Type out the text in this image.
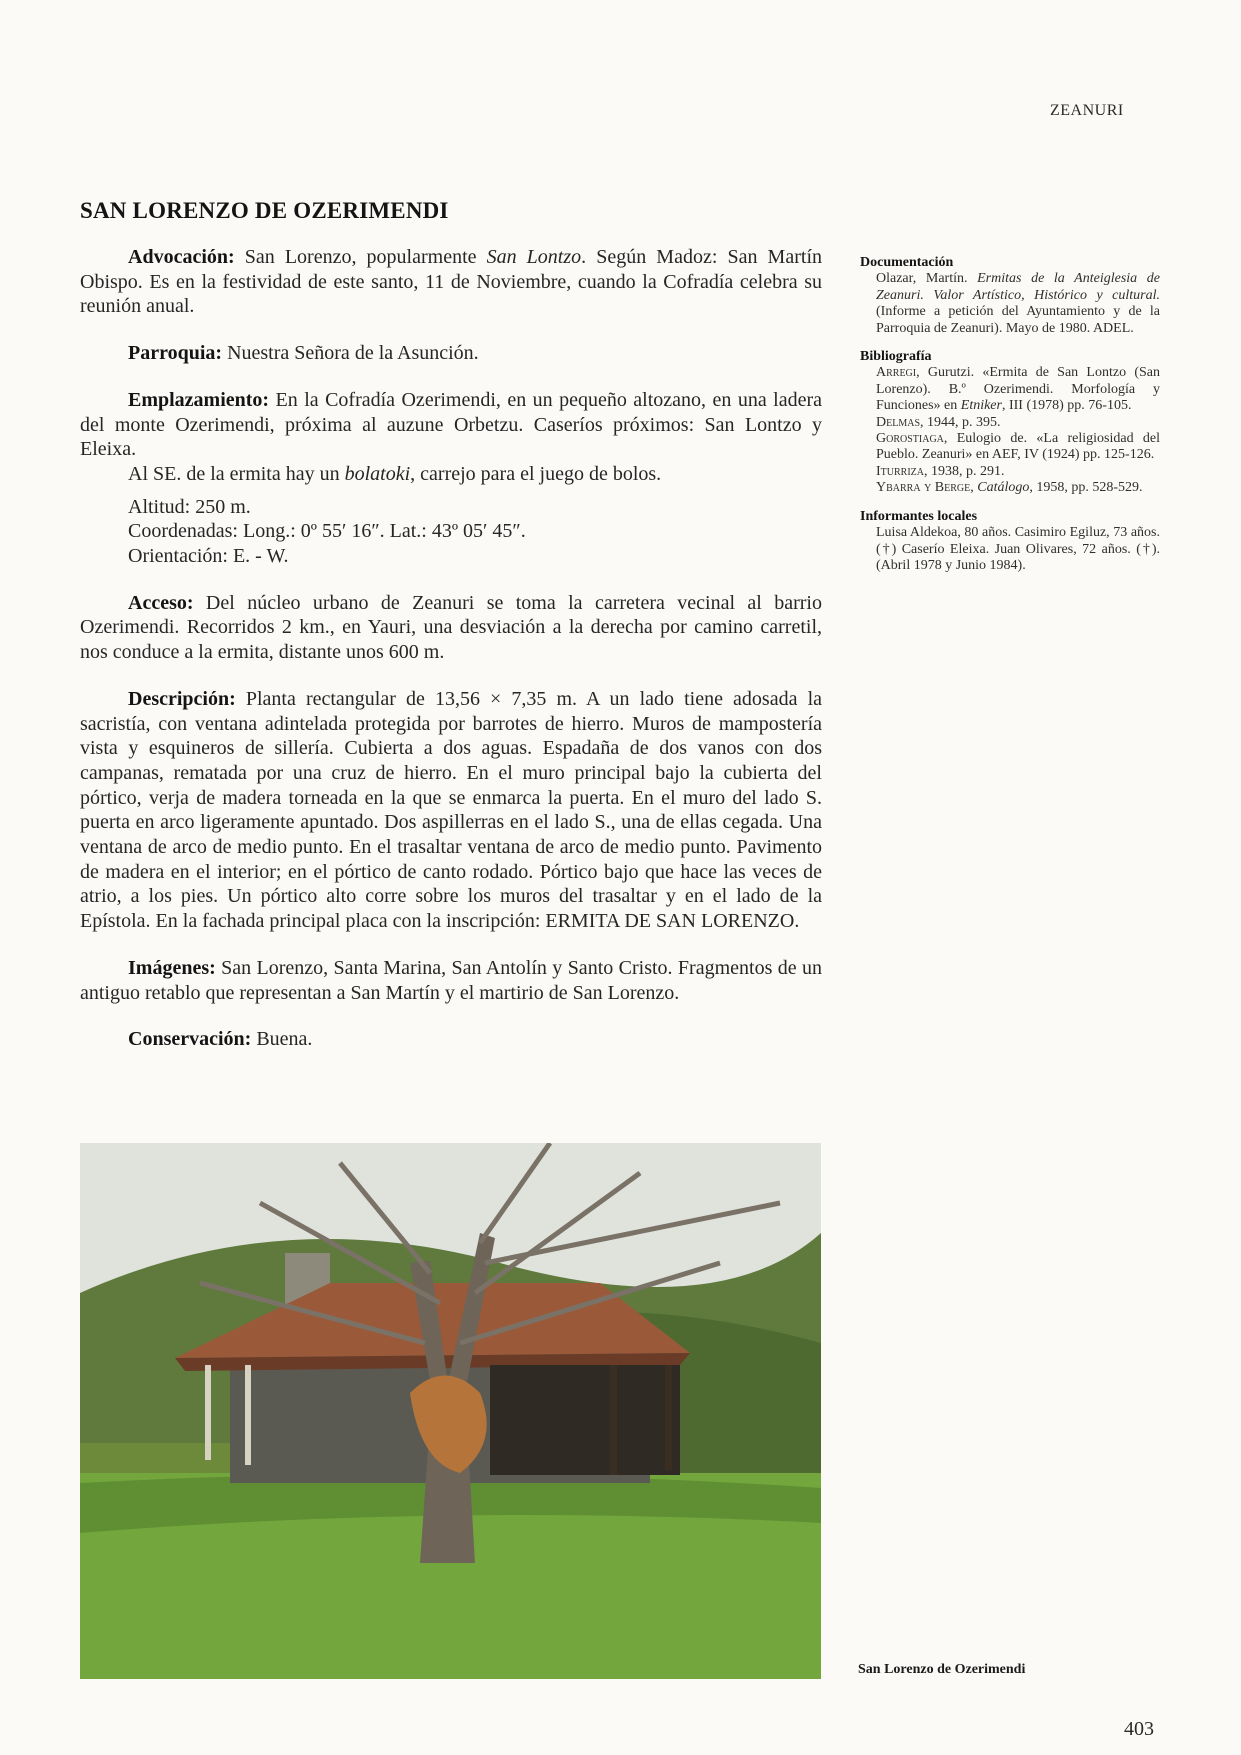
ZEANURI
SAN LORENZO DE OZERIMENDI

Advocación: San Lorenzo, popularmente San Lontzo. Según Madoz: San Martín Obispo. Es en la festividad de este santo, 11 de Noviembre, cuando la Cofradía celebra su reunión anual.

Parroquia: Nuestra Señora de la Asunción.

Emplazamiento: En la Cofradía Ozerimendi, en un pequeño altozano, en una ladera del monte Ozerimendi, próxima al auzune Orbetzu. Caseríos próximos: San Lontzo y Eleixa.

Al SE. de la ermita hay un bolatoki, carrejo para el juego de bolos.

Altitud: 250 m.
Coordenadas: Long.: 0º 55′ 16″. Lat.: 43º 05′ 45″.
Orientación: E. - W.

Acceso: Del núcleo urbano de Zeanuri se toma la carretera vecinal al barrio Ozerimendi. Recorridos 2 km., en Yauri, una desviación a la derecha por camino carretil, nos conduce a la ermita, distante unos 600 m.

Descripción: Planta rectangular de 13,56 × 7,35 m. A un lado tiene adosada la sacristía, con ventana adintelada protegida por barrotes de hierro. Muros de mampostería vista y esquineros de sillería. Cubierta a dos aguas. Espadaña de dos vanos con dos campanas, rematada por una cruz de hierro. En el muro principal bajo la cubierta del pórtico, verja de madera torneada en la que se enmarca la puerta. En el muro del lado S. puerta en arco ligeramente apuntado. Dos aspillerras en el lado S., una de ellas cegada. Una ventana de arco de medio punto. En el trasaltar ventana de arco de medio punto. Pavimento de madera en el interior; en el pórtico de canto rodado. Pórtico bajo que hace las veces de atrio, a los pies. Un pórtico alto corre sobre los muros del trasaltar y en el lado de la Epístola. En la fachada principal placa con la inscripción: ERMITA DE SAN LORENZO.

Imágenes: San Lorenzo, Santa Marina, San Antolín y Santo Cristo. Fragmentos de un antiguo retablo que representan a San Martín y el martirio de San Lorenzo.

Conservación: Buena.

Documentación

Olazar, Martín. Ermitas de la Anteiglesia de Zeanuri. Valor Artístico, Histórico y cultural. (Informe a petición del Ayuntamiento y de la Parroquia de Zeanuri). Mayo de 1980. ADEL.

Bibliografía

Arregi, Gurutzi. «Ermita de San Lontzo (San Lorenzo). B.º Ozerimendi. Morfología y Funciones» en Etniker, III (1978) pp. 76-105.

Delmas, 1944, p. 395.

Gorostiaga, Eulogio de. «La religiosidad del Pueblo. Zeanuri» en AEF, IV (1924) pp. 125-126.

Iturriza, 1938, p. 291.

Ybarra y Berge, Catálogo, 1958, pp. 528-529.

Informantes locales

Luisa Aldekoa, 80 años. Casimiro Egiluz, 73 años. (†) Caserío Eleixa. Juan Olivares, 72 años. (†). (Abril 1978 y Junio 1984).

San Lorenzo de Ozerimendi
403
